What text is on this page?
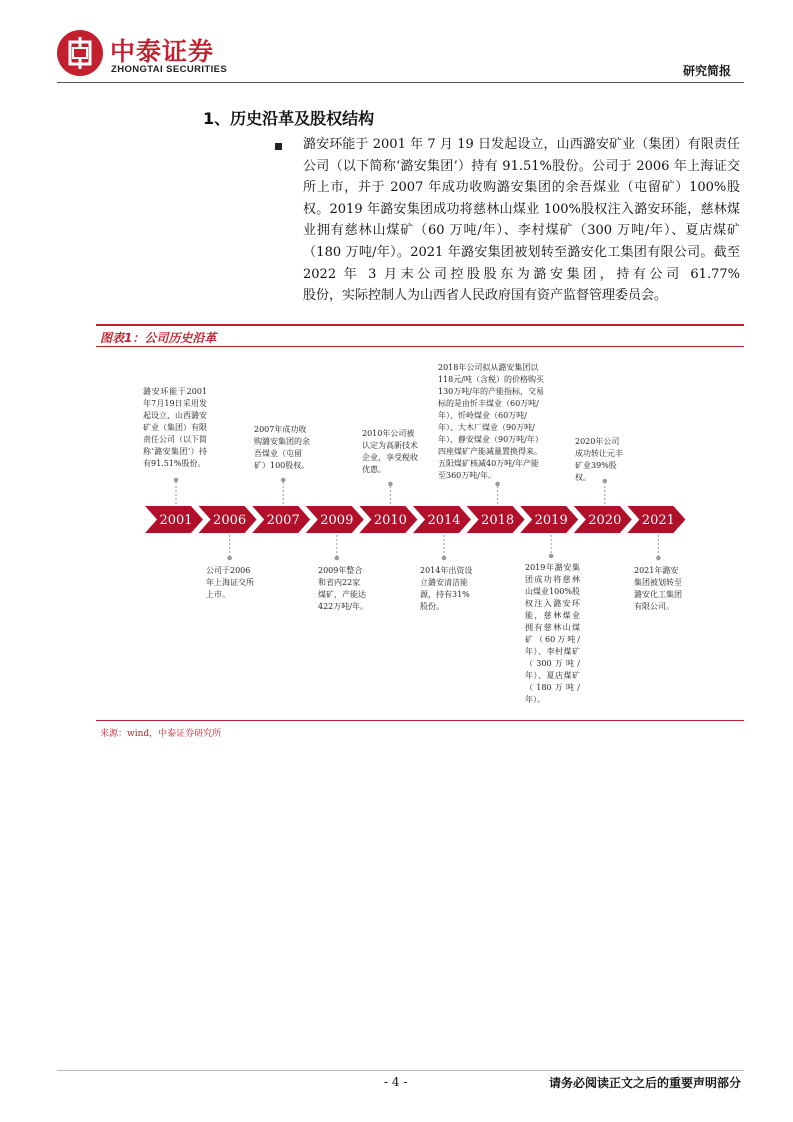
中泰证券
ZHONGTAI SECURITIES	研究简报
1、历史沿革及股权结构
潞安环能于 2001 年 7 月 19 日发起设立，山西潞安矿业（集团）有限责任公司（以下简称‘潞安集团’）持有 91.51%股份。公司于 2006 年上海证交所上市，并于 2007 年成功收购潞安集团的余吾煤业（屯留矿）100%股权。2019 年潞安集团成功将慈林山煤业 100%股权注入潞安环能，慈林煤业拥有慈林山煤矿（60 万吨/年）、李村煤矿（300 万吨/年）、夏店煤矿（180 万吨/年）。2021 年潞安集团被划转至潞安化工集团有限公司。截至 2022 年 3 月末公司控股股东为潞安集团，持有公司 61.77%
股份，实际控制人为山西省人民政府国有资产监督管理委员会。
图表1：公司历史沿革
2001 2006 2007 2009 2010 2014 2018 2019 2020 2021
潞安环能于2001年7月19日采用发起设立，山西潞安矿业（集团）有限责任公司（以下简称‘潞安集团’）持有91.51%股份。
公司于2006年上海证交所上市。
2007年成功收购潞安集团的余吾煤业（屯留矿）100股权。
2009年整合和省内22家煤矿，产能达422万吨/年。
2010年公司被认定为高新技术企业，享受税收优惠。
2014年出资设立潞安清洁能源，持有31%股份。
2018年公司拟从潞安集团以118元/吨（含税）的价格购买130万吨/年的产能指标，交易标的是由忻丰煤业（60万吨/年）、忻岭煤业（60万吨/年）、大木厂煤业（90万吨/年）、静安煤业（90万吨/年）四座煤矿产能减量置换得来。五阳煤矿核减40万吨/年产能至360万吨/年。
2019年潞安集团成功将慈林山煤业100%股权注入潞安环能，慈林煤业拥有慈林山煤矿（60万吨/年）、李村煤矿（300万吨/年）、夏店煤矿（180万吨/年）。
2020年公司成功转让元丰矿业39%股权。
2021年潞安集团被划转至潞安化工集团有限公司。
来源：wind，中泰证券研究所
- 4 -	请务必阅读正文之后的重要声明部分
